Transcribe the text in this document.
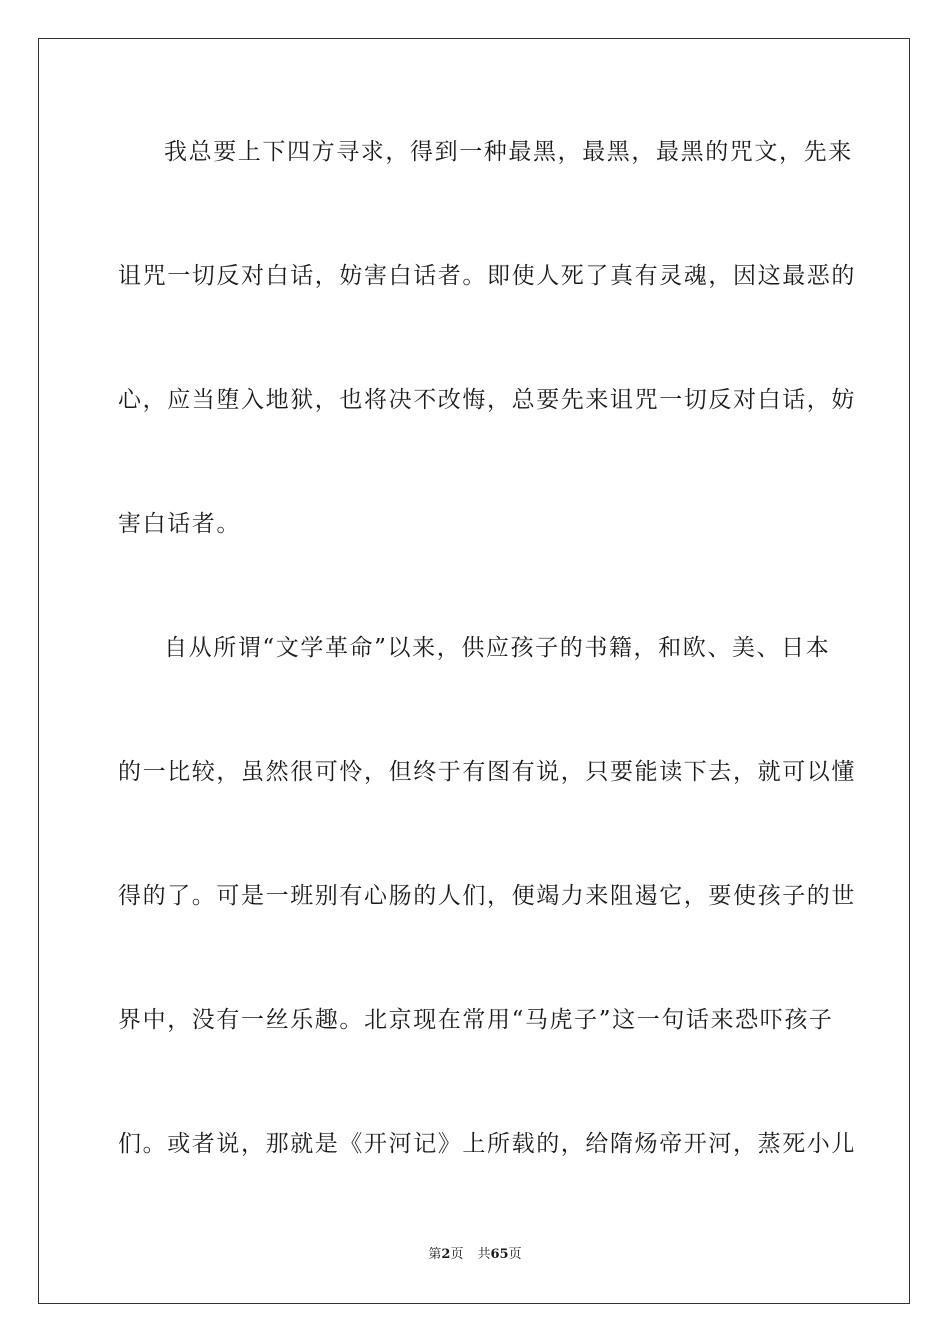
我总要上下四方寻求，得到一种最黑，最黑，最黑的咒文，先来
诅咒一切反对白话，妨害白话者。即使人死了真有灵魂，因这最恶的
心，应当堕入地狱，也将决不改悔，总要先来诅咒一切反对白话，妨
害白话者。
自从所谓“文学革命”以来，供应孩子的书籍，和欧、美、日本
的一比较，虽然很可怜，但终于有图有说，只要能读下去，就可以懂
得的了。可是一班别有心肠的人们，便竭力来阻遏它，要使孩子的世
界中，没有一丝乐趣。北京现在常用“马虎子”这一句话来恐吓孩子
们。或者说，那就是《开河记》上所载的，给隋炀帝开河，蒸死小儿
第2页 共65页
